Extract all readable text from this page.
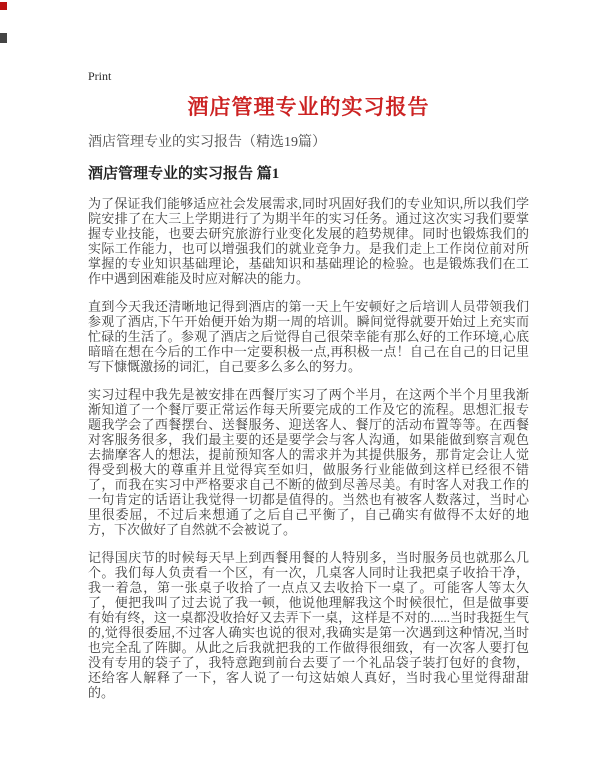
Print
酒店管理专业的实习报告
酒店管理专业的实习报告（精选19篇）
酒店管理专业的实习报告 篇1

为了保证我们能够适应社会发展需求,同时巩固好我们的专业知识,所以我们学院安排了在大三上学期进行了为期半年的实习任务。通过这次实习我们要掌握专业技能，也要去研究旅游行业变化发展的趋势规律。同时也锻炼我们的实际工作能力，也可以增强我们的就业竞争力。是我们走上工作岗位前对所掌握的专业知识基础理论，基础知识和基础理论的检验。也是锻炼我们在工作中遇到困难能及时应对解决的能力。

直到今天我还清晰地记得到酒店的第一天上午安顿好之后培训人员带领我们参观了酒店,下午开始便开始为期一周的培训。瞬间觉得就要开始过上充实而忙碌的生活了。参观了酒店之后觉得自己很荣幸能有那么好的工作环境,心底暗暗在想在今后的工作中一定要积极一点,再积极一点！自己在自己的日记里写下慷慨激扬的词汇，自己要多么多么的努力。

实习过程中我先是被安排在西餐厅实习了两个半月，在这两个半个月里我渐渐知道了一个餐厅要正常运作每天所要完成的工作及它的流程。思想汇报专题我学会了西餐摆台、送餐服务、迎送客人、餐厅的活动布置等等。在西餐对客服务很多，我们最主要的还是要学会与客人沟通，如果能做到察言观色去揣摩客人的想法，提前预知客人的需求并为其提供服务，那肯定会让人觉得受到极大的尊重并且觉得宾至如归，做服务行业能做到这样已经很不错了，而我在实习中严格要求自己不断的做到尽善尽美。有时客人对我工作的一句肯定的话语让我觉得一切都是值得的。当然也有被客人数落过，当时心里很委屈，不过后来想通了之后自己平衡了，自己确实有做得不太好的地方，下次做好了自然就不会被说了。

记得国庆节的时候每天早上到西餐用餐的人特别多，当时服务员也就那么几个。我们每人负责看一个区，有一次，几桌客人同时让我把桌子收拾干净，我一着急，第一张桌子收拾了一点点又去收拾下一桌了。可能客人等太久了，便把我叫了过去说了我一顿，他说他理解我这个时候很忙，但是做事要有始有终，这一桌都没收拾好又去弄下一桌，这样是不对的......当时我挺生气的,觉得很委屈,不过客人确实也说的很对,我确实是第一次遇到这种情况,当时也完全乱了阵脚。从此之后我就把我的工作做得很细致，有一次客人要打包没有专用的袋子了，我特意跑到前台去要了一个礼品袋子装打包好的食物，还给客人解释了一下，客人说了一句这姑娘人真好，当时我心里觉得甜甜的。
